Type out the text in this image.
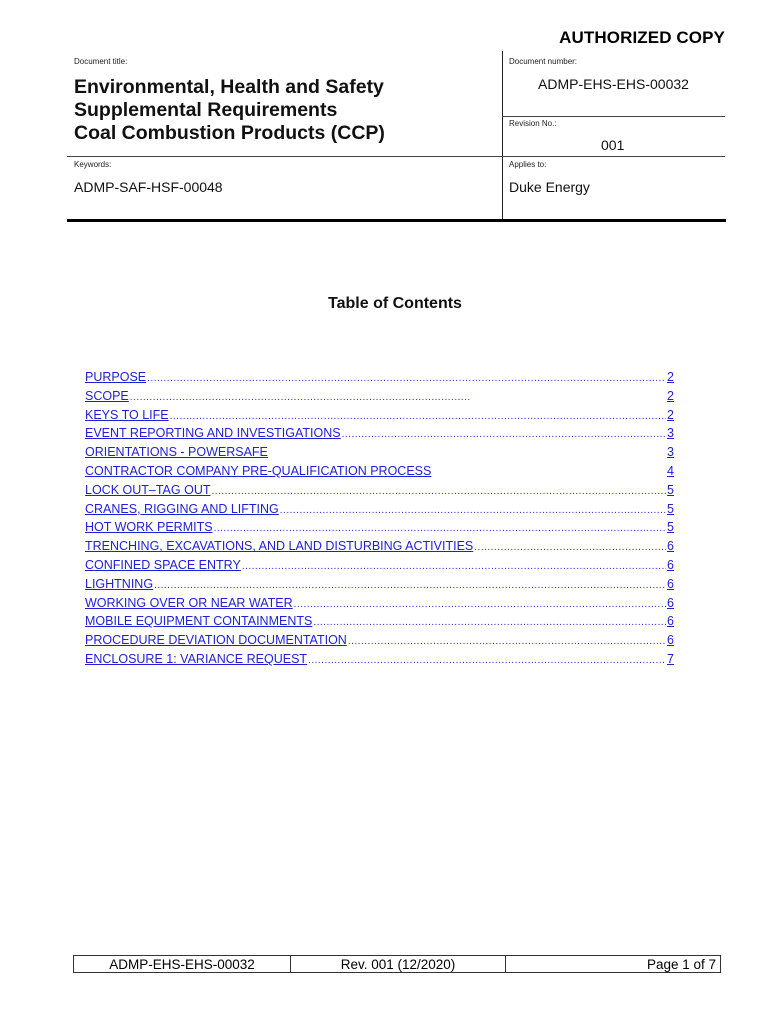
AUTHORIZED COPY
Document title:
Environmental, Health and Safety
Supplemental Requirements
Coal Combustion Products (CCP)
Document number:
ADMP-EHS-EHS-00032
Revision No.:
001
Keywords:
ADMP-SAF-HSF-00048
Applies to:
Duke Energy
Table of Contents
PURPOSE .....	2
SCOPE .....	2
KEYS TO LIFE .....	2
EVENT REPORTING AND INVESTIGATIONS .....	3
ORIENTATIONS - POWERSAFE	3
CONTRACTOR COMPANY PRE-QUALIFICATION PROCESS	4
LOCK OUT–TAG OUT .....	5
CRANES, RIGGING AND LIFTING .....	5
HOT WORK PERMITS .....	5
TRENCHING, EXCAVATIONS, AND LAND DISTURBING ACTIVITIES .....	6
CONFINED SPACE ENTRY .....	6
LIGHTNING .....	6
WORKING OVER OR NEAR WATER .....	6
MOBILE EQUIPMENT CONTAINMENTS .....	6
PROCEDURE DEVIATION DOCUMENTATION .....	6
ENCLOSURE 1: VARIANCE REQUEST .....	7
ADMP-EHS-EHS-00032	Rev. 001 (12/2020)	Page 1 of 7
